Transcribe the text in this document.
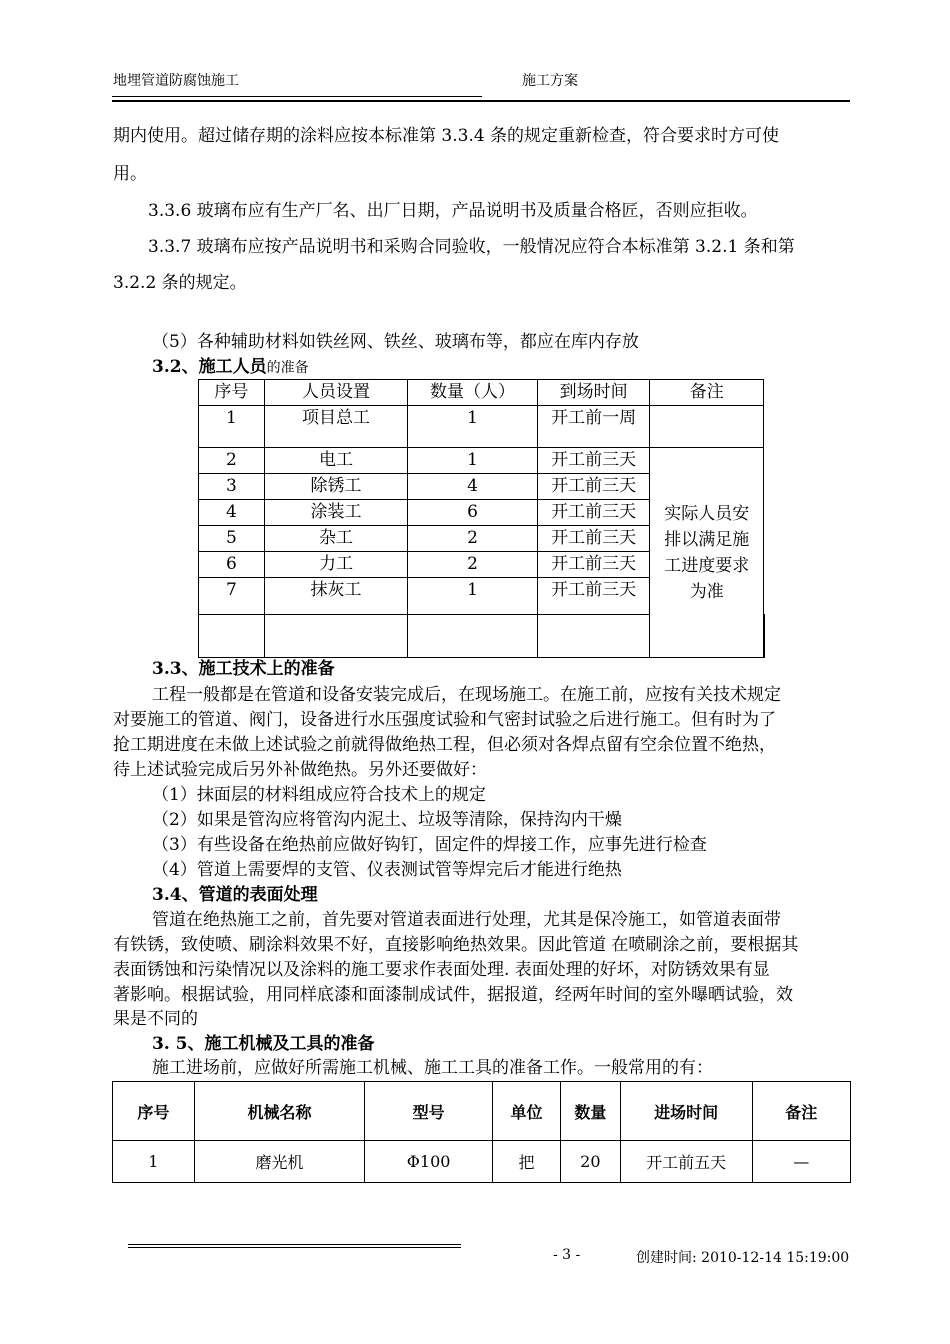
地埋管道防腐蚀施工	施工方案
期内使用。超过储存期的涂料应按本标准第 3.3.4 条的规定重新检查，符合要求时方可使
用。
3.3.6 玻璃布应有生产厂名、出厂日期，产品说明书及质量合格匠，否则应拒收。
3.3.7 玻璃布应按产品说明书和采购合同验收，一般情况应符合本标准第 3.2.1 条和第
3.2.2 条的规定。
（5）各种辅助材料如铁丝网、铁丝、玻璃布等，都应在库内存放
3.2、施工人员的准备
序号	人员设置	数量（人）	到场时间	备注	
1	项目总工	1	开工前一周		
2	电工	1	开工前三天	实际人员安
排以满足施
工进度要求
为准	

3	除锈工	4	开工前三天		
4	涂装工	6	开工前三天		
5	杂工	2	开工前三天		
6	力工	2	开工前三天		
7	抹灰工	1	开工前三天		

3.3、施工技术上的准备
工程一般都是在管道和设备安装完成后，在现场施工。在施工前，应按有关技术规定
对要施工的管道、阀门，设备进行水压强度试验和气密封试验之后进行施工。但有时为了
抢工期进度在未做上述试验之前就得做绝热工程，但必须对各焊点留有空余位置不绝热，
待上述试验完成后另外补做绝热。另外还要做好：
（1）抹面层的材料组成应符合技术上的规定
（2）如果是管沟应将管沟内泥土、垃圾等清除，保持沟内干燥
（3）有些设备在绝热前应做好钩钉，固定件的焊接工作，应事先进行检查
（4）管道上需要焊的支管、仪表测试管等焊完后才能进行绝热
3.4、管道的表面处理
管道在绝热施工之前，首先要对管道表面进行处理，尤其是保冷施工，如管道表面带
有铁锈，致使喷、刷涂料效果不好，直接影响绝热效果。因此管道 在喷刷涂之前，要根据其
表面锈蚀和污染情况以及涂料的施工要求作表面处理. 表面处理的好坏，对防锈效果有显
著影响。根据试验，用同样底漆和面漆制成试件，据报道，经两年时间的室外曝晒试验，效
果是不同的
3. 5、施工机械及工具的准备
施工进场前，应做好所需施工机械、施工工具的准备工作。一般常用的有：
序号	机械名称	型号	单位	数量	进场时间	备注
1	磨光机	Φ100	把	20	开工前五天	—
- 3 -	创建时间: 2010-12-14 15:19:00
